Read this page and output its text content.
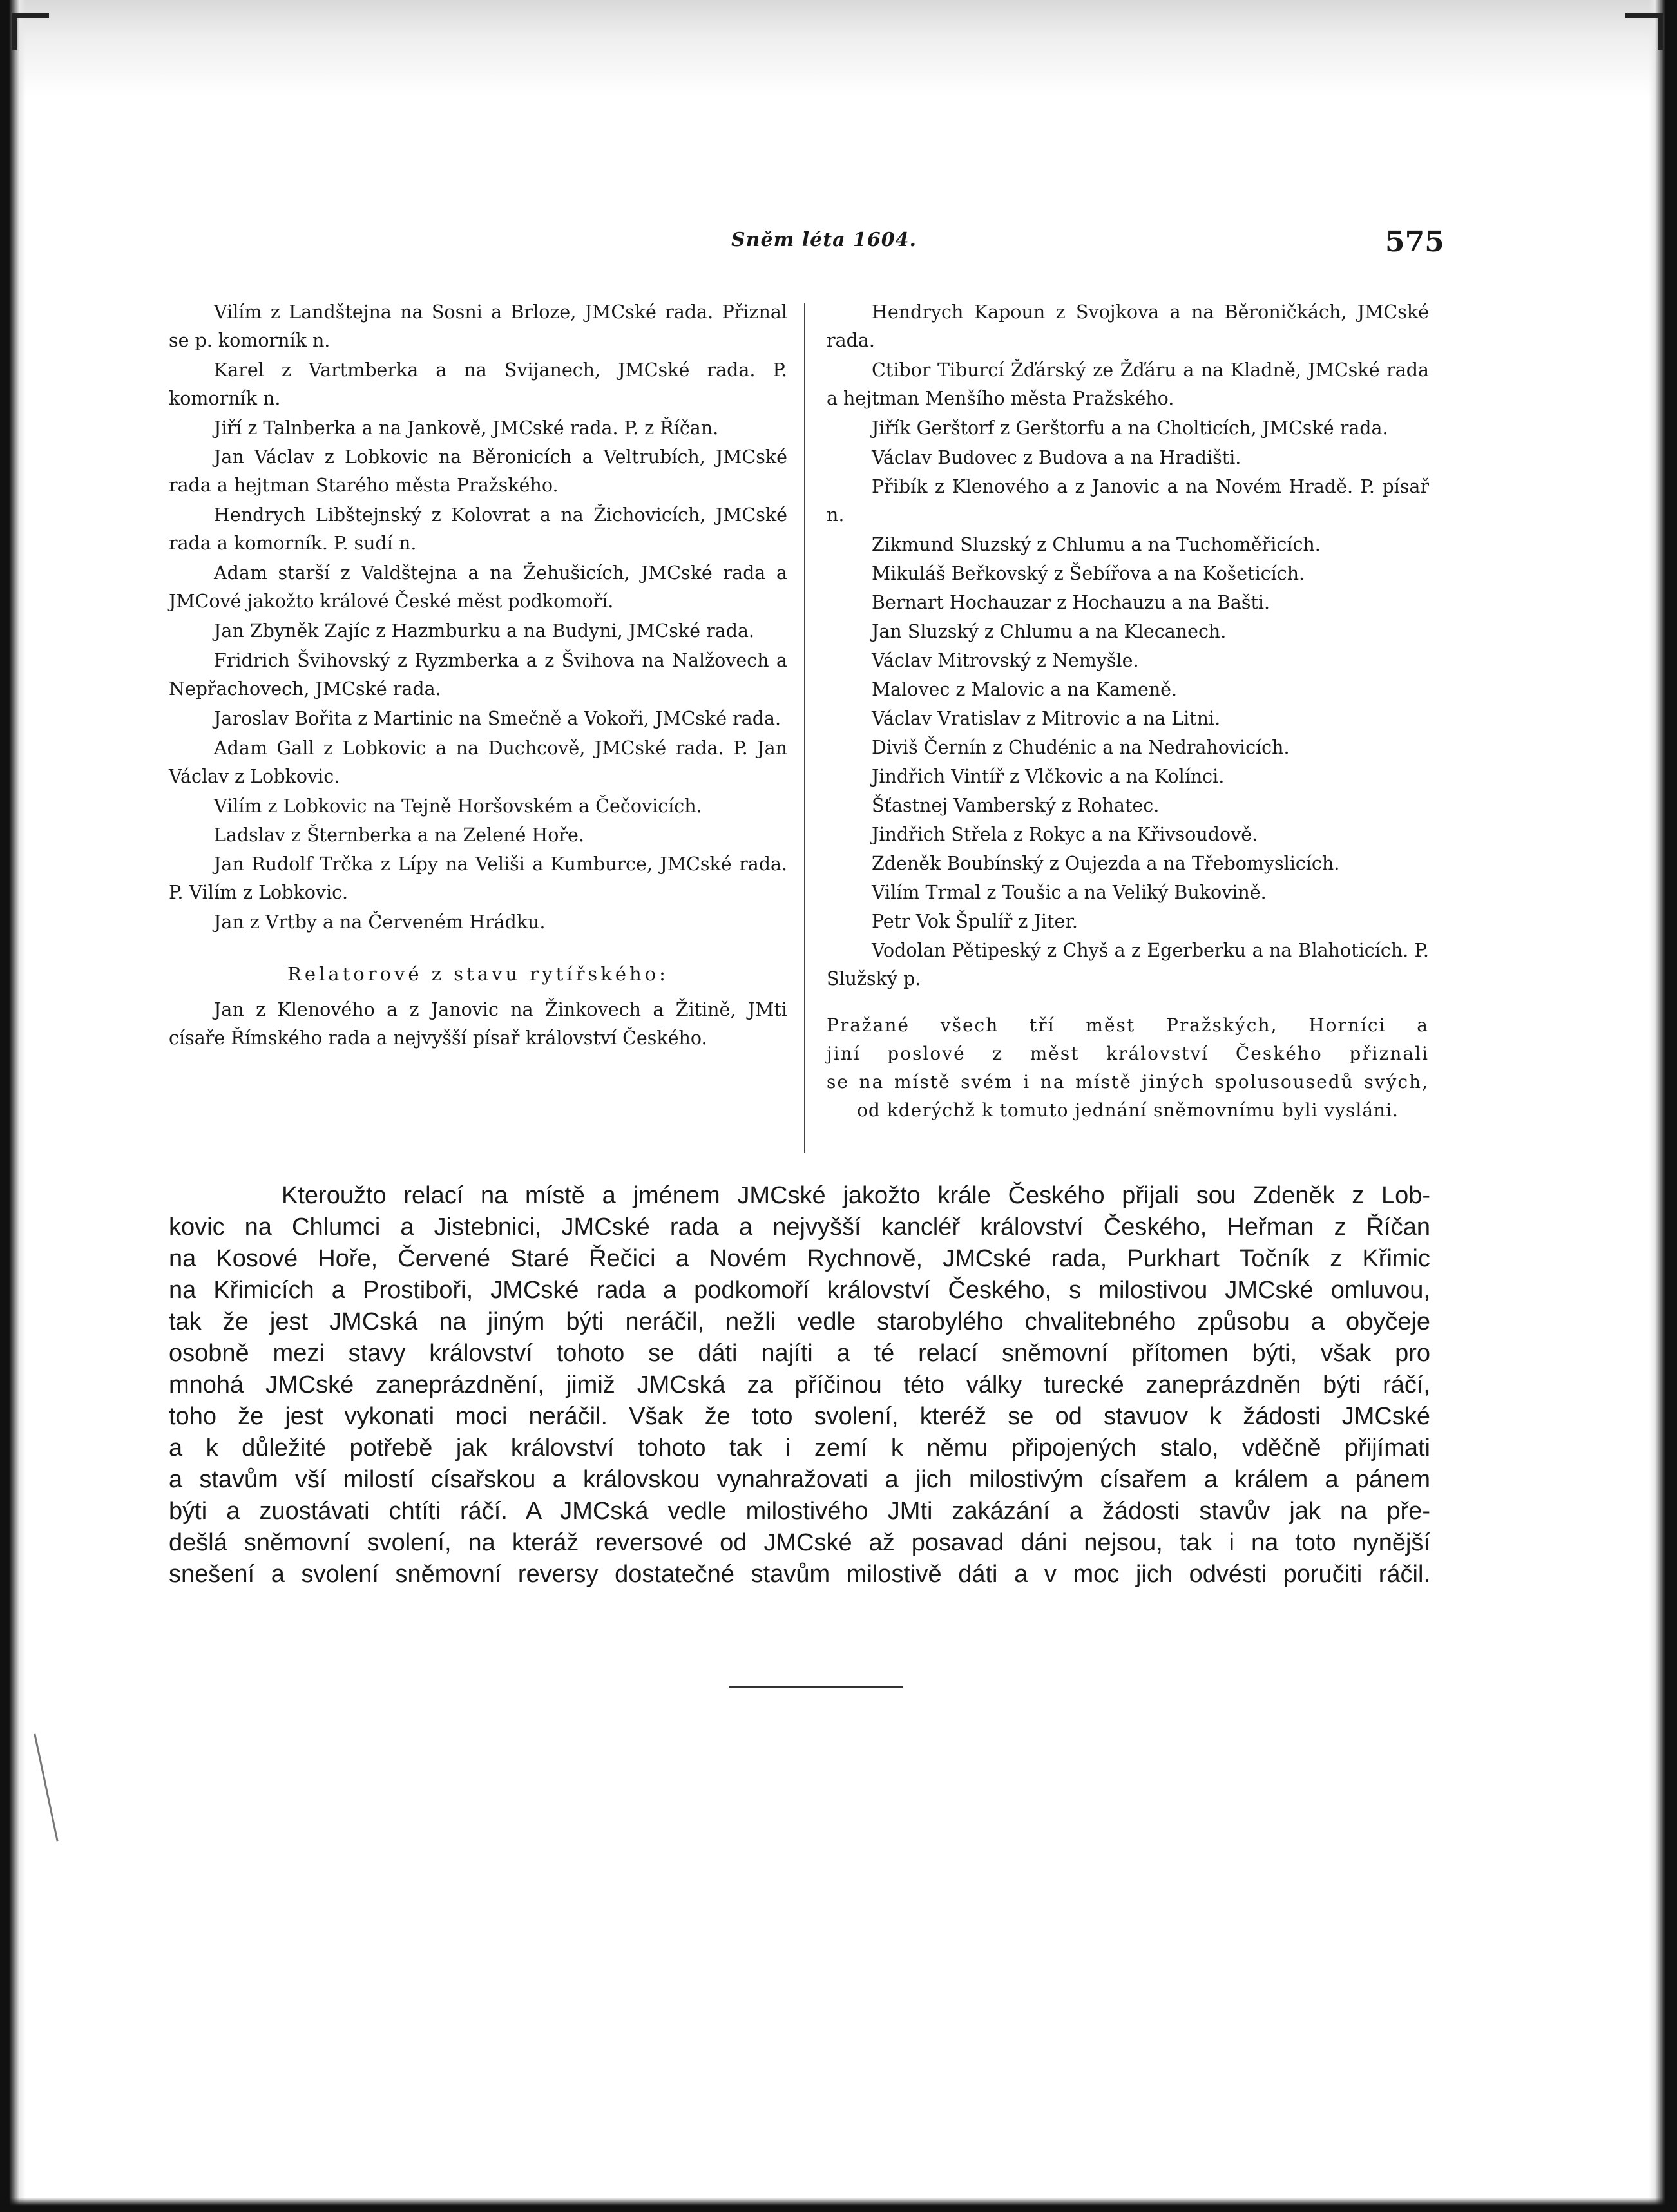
Sněm léta 1604.	575

Vilím z Landštejna na Sosni a Brloze, JMCské rada. Přiznal se p. komorník n.

Karel z Vartmberka a na Svijanech, JMCské rada. P. komorník n.

Jiří z Talnberka a na Jankově, JMCské rada. P. z Říčan.

Jan Václav z Lobkovic na Běronicích a Veltrubích, JMCské rada a hejtman Starého města Pražského.

Hendrych Libštejnský z Kolovrat a na Žichovicích, JMCské rada a komorník. P. sudí n.

Adam starší z Valdštejna a na Žehušicích, JMCské rada a JMCové jakožto králové České měst podkomoří.

Jan Zbyněk Zajíc z Hazmburku a na Budyni, JMCské rada.

Fridrich Švihovský z Ryzmberka a z Švihova na Nalžovech a Nepřachovech, JMCské rada.

Jaroslav Bořita z Martinic na Smečně a Vokoři, JMCské rada.

Adam Gall z Lobkovic a na Duchcově, JMCské rada. P. Jan Václav z Lobkovic.

Vilím z Lobkovic na Tejně Horšovském a Čečovicích.

Ladslav z Šternberka a na Zelené Hoře.

Jan Rudolf Trčka z Lípy na Veliši a Kumburce, JMCské rada. P. Vilím z Lobkovic.

Jan z Vrtby a na Červeném Hrádku.

Relatorové z stavu rytířského:

Jan z Klenového a z Janovic na Žinkovech a Žitině, JMti císaře Římského rada a nejvyšší písař království Českého.

Hendrych Kapoun z Svojkova a na Běroničkách, JMCské rada.

Ctibor Tiburcí Žďárský ze Žďáru a na Kladně, JMCské rada a hejtman Menšího města Pražského.

Jiřík Gerštorf z Gerštorfu a na Cholticích, JMCské rada.

Václav Budovec z Budova a na Hradišti.

Přibík z Klenového a z Janovic a na Novém Hradě. P. písař n.

Zikmund Sluzský z Chlumu a na Tuchoměřicích.

Mikuláš Beřkovský z Šebířova a na Košeticích.

Bernart Hochauzar z Hochauzu a na Bašti.

Jan Sluzský z Chlumu a na Klecanech.

Václav Mitrovský z Nemyšle.

Malovec z Malovic a na Kameně.

Václav Vratislav z Mitrovic a na Litni.

Diviš Černín z Chudénic a na Nedrahovicích.

Jindřich Vintíř z Vlčkovic a na Kolínci.

Šťastnej Vamberský z Rohatec.

Jindřich Střela z Rokyc a na Křivsoudově.

Zdeněk Boubínský z Oujezda a na Třebomyslicích.

Vilím Trmal z Toušic a na Veliký Bukovině.

Petr Vok Špulíř z Jiter.

Vodolan Pětipeský z Chyš a z Egerberku a na Blahoticích. P. Služský p.

Pražané všech tří měst Pražských, Horníci a
jiní poslové z měst království Českého přiznali
se na místě svém i na místě jiných spolusousedů svých,
od kderýchž k tomuto jednání sněmovnímu byli vysláni.
Kteroužto relací na místě a jménem JMCské jakožto krále Českého přijali sou Zdeněk z Lob-
kovic na Chlumci a Jistebnici, JMCské rada a nejvyšší kancléř království Českého, Heřman z Říčan
na Kosové Hoře, Červené Staré Řečici a Novém Rychnově, JMCské rada, Purkhart Točník z Křimic
na Křimicích a Prostiboři, JMCské rada a podkomoří království Českého, s milostivou JMCské omluvou,
tak že jest JMCská na jiným býti neráčil, nežli vedle starobylého chvalitebného způsobu a obyčeje
osobně mezi stavy království tohoto se dáti najíti a té relací sněmovní přítomen býti, však pro
mnohá JMCské zaneprázdnění, jimiž JMCská za příčinou této války turecké zaneprázdněn býti ráčí,
toho že jest vykonati moci neráčil. Však že toto svolení, kteréž se od stavuov k žádosti JMCské
a k důležité potřebě jak království tohoto tak i zemí k němu připojených stalo, vděčně přijímati
a stavům vší milostí císařskou a královskou vynahražovati a jich milostivým císařem a králem a pánem
býti a zuostávati chtíti ráčí. A JMCská vedle milostivého JMti zakázání a žádosti stavův jak na pře-
dešlá sněmovní svolení, na kteráž reversové od JMCské až posavad dáni nejsou, tak i na toto nynější
snešení a svolení sněmovní reversy dostatečné stavům milostivě dáti a v moc jich odvésti poručiti ráčil.
